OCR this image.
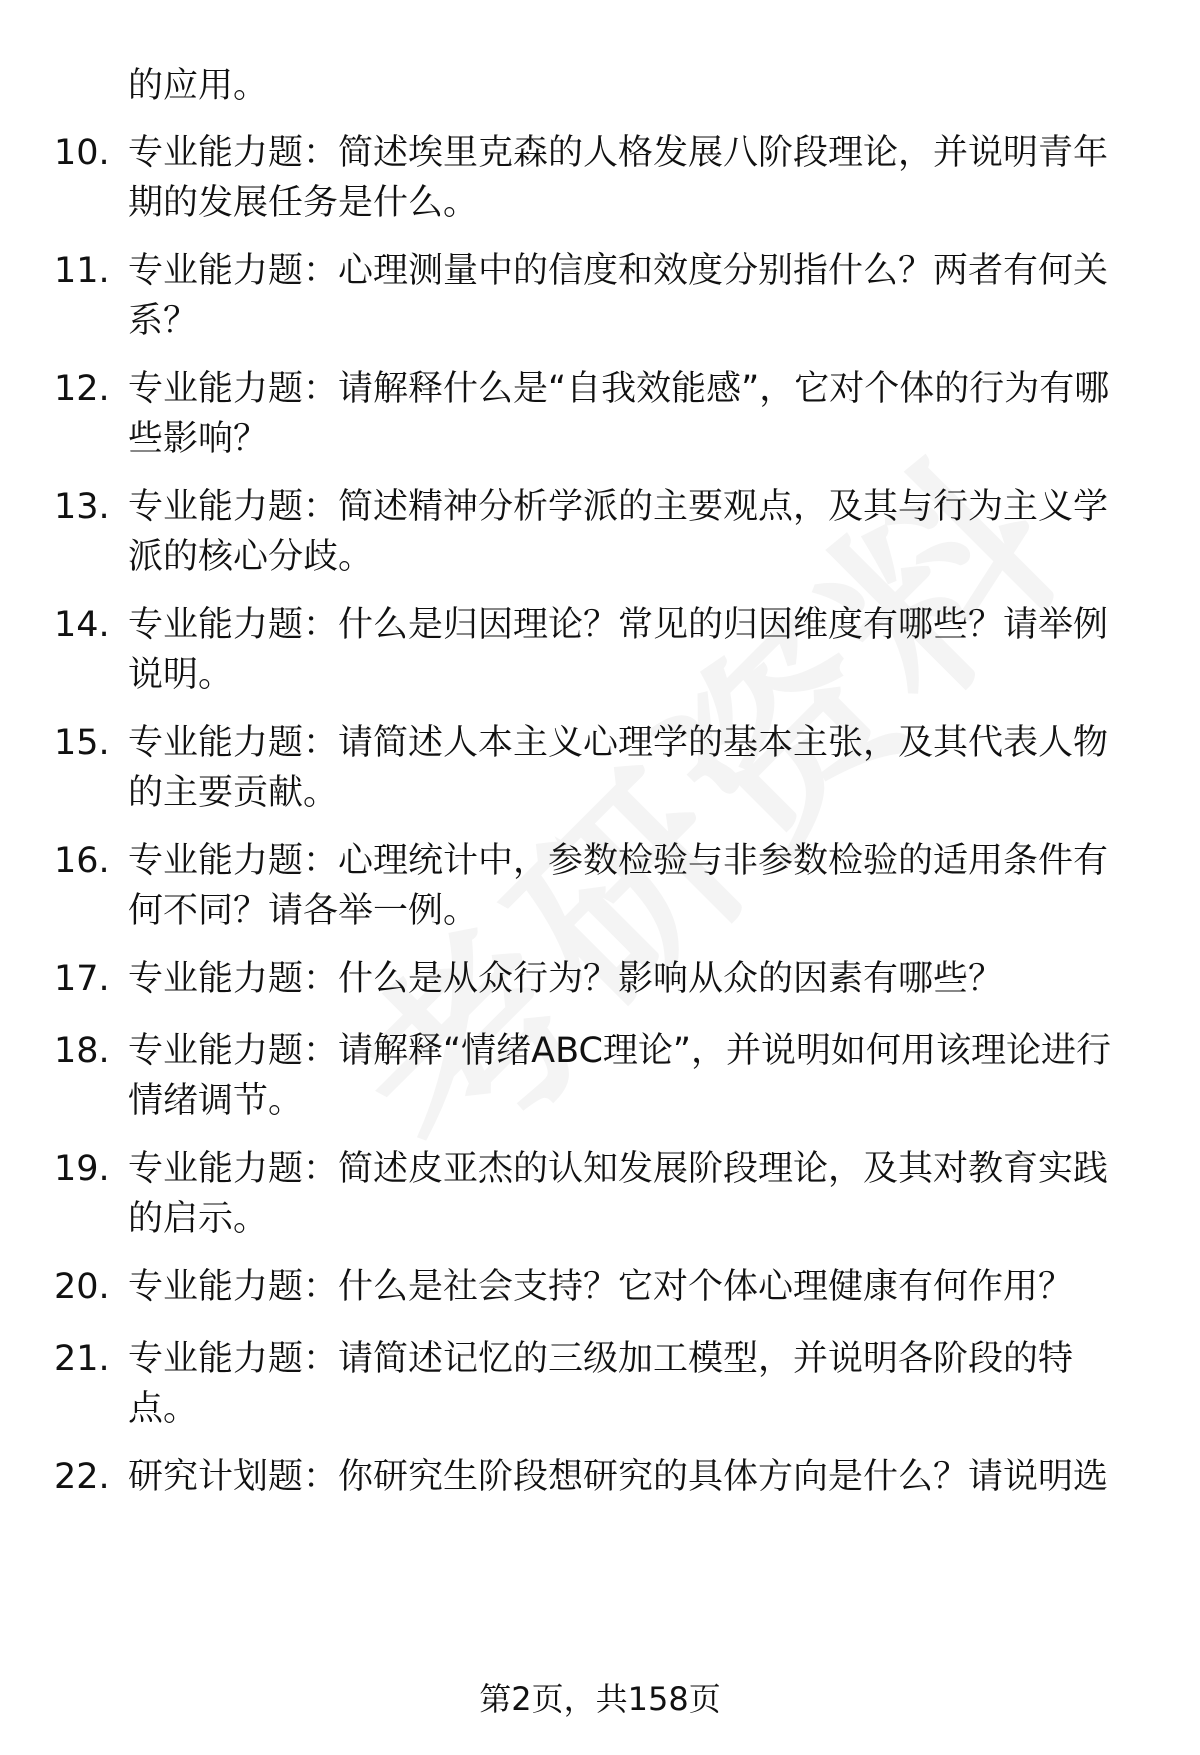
的应用。
10. 专业能力题：简述埃里克森的人格发展八阶段理论，并说明青年期的发展任务是什么。
11. 专业能力题：心理测量中的信度和效度分别指什么？两者有何关系？
12. 专业能力题：请解释什么是“自我效能感”，它对个体的行为有哪些影响？
13. 专业能力题：简述精神分析学派的主要观点，及其与行为主义学派的核心分歧。
14. 专业能力题：什么是归因理论？常见的归因维度有哪些？请举例说明。
15. 专业能力题：请简述人本主义心理学的基本主张，及其代表人物的主要贡献。
16. 专业能力题：心理统计中，参数检验与非参数检验的适用条件有何不同？请各举一例。
17. 专业能力题：什么是从众行为？影响从众的因素有哪些？
18. 专业能力题：请解释“情绪ABC理论”，并说明如何用该理论进行情绪调节。
19. 专业能力题：简述皮亚杰的认知发展阶段理论，及其对教育实践的启示。
20. 专业能力题：什么是社会支持？它对个体心理健康有何作用？
21. 专业能力题：请简述记忆的三级加工模型，并说明各阶段的特点。
22. 研究计划题：你研究生阶段想研究的具体方向是什么？请说明选
第2页，共158页
